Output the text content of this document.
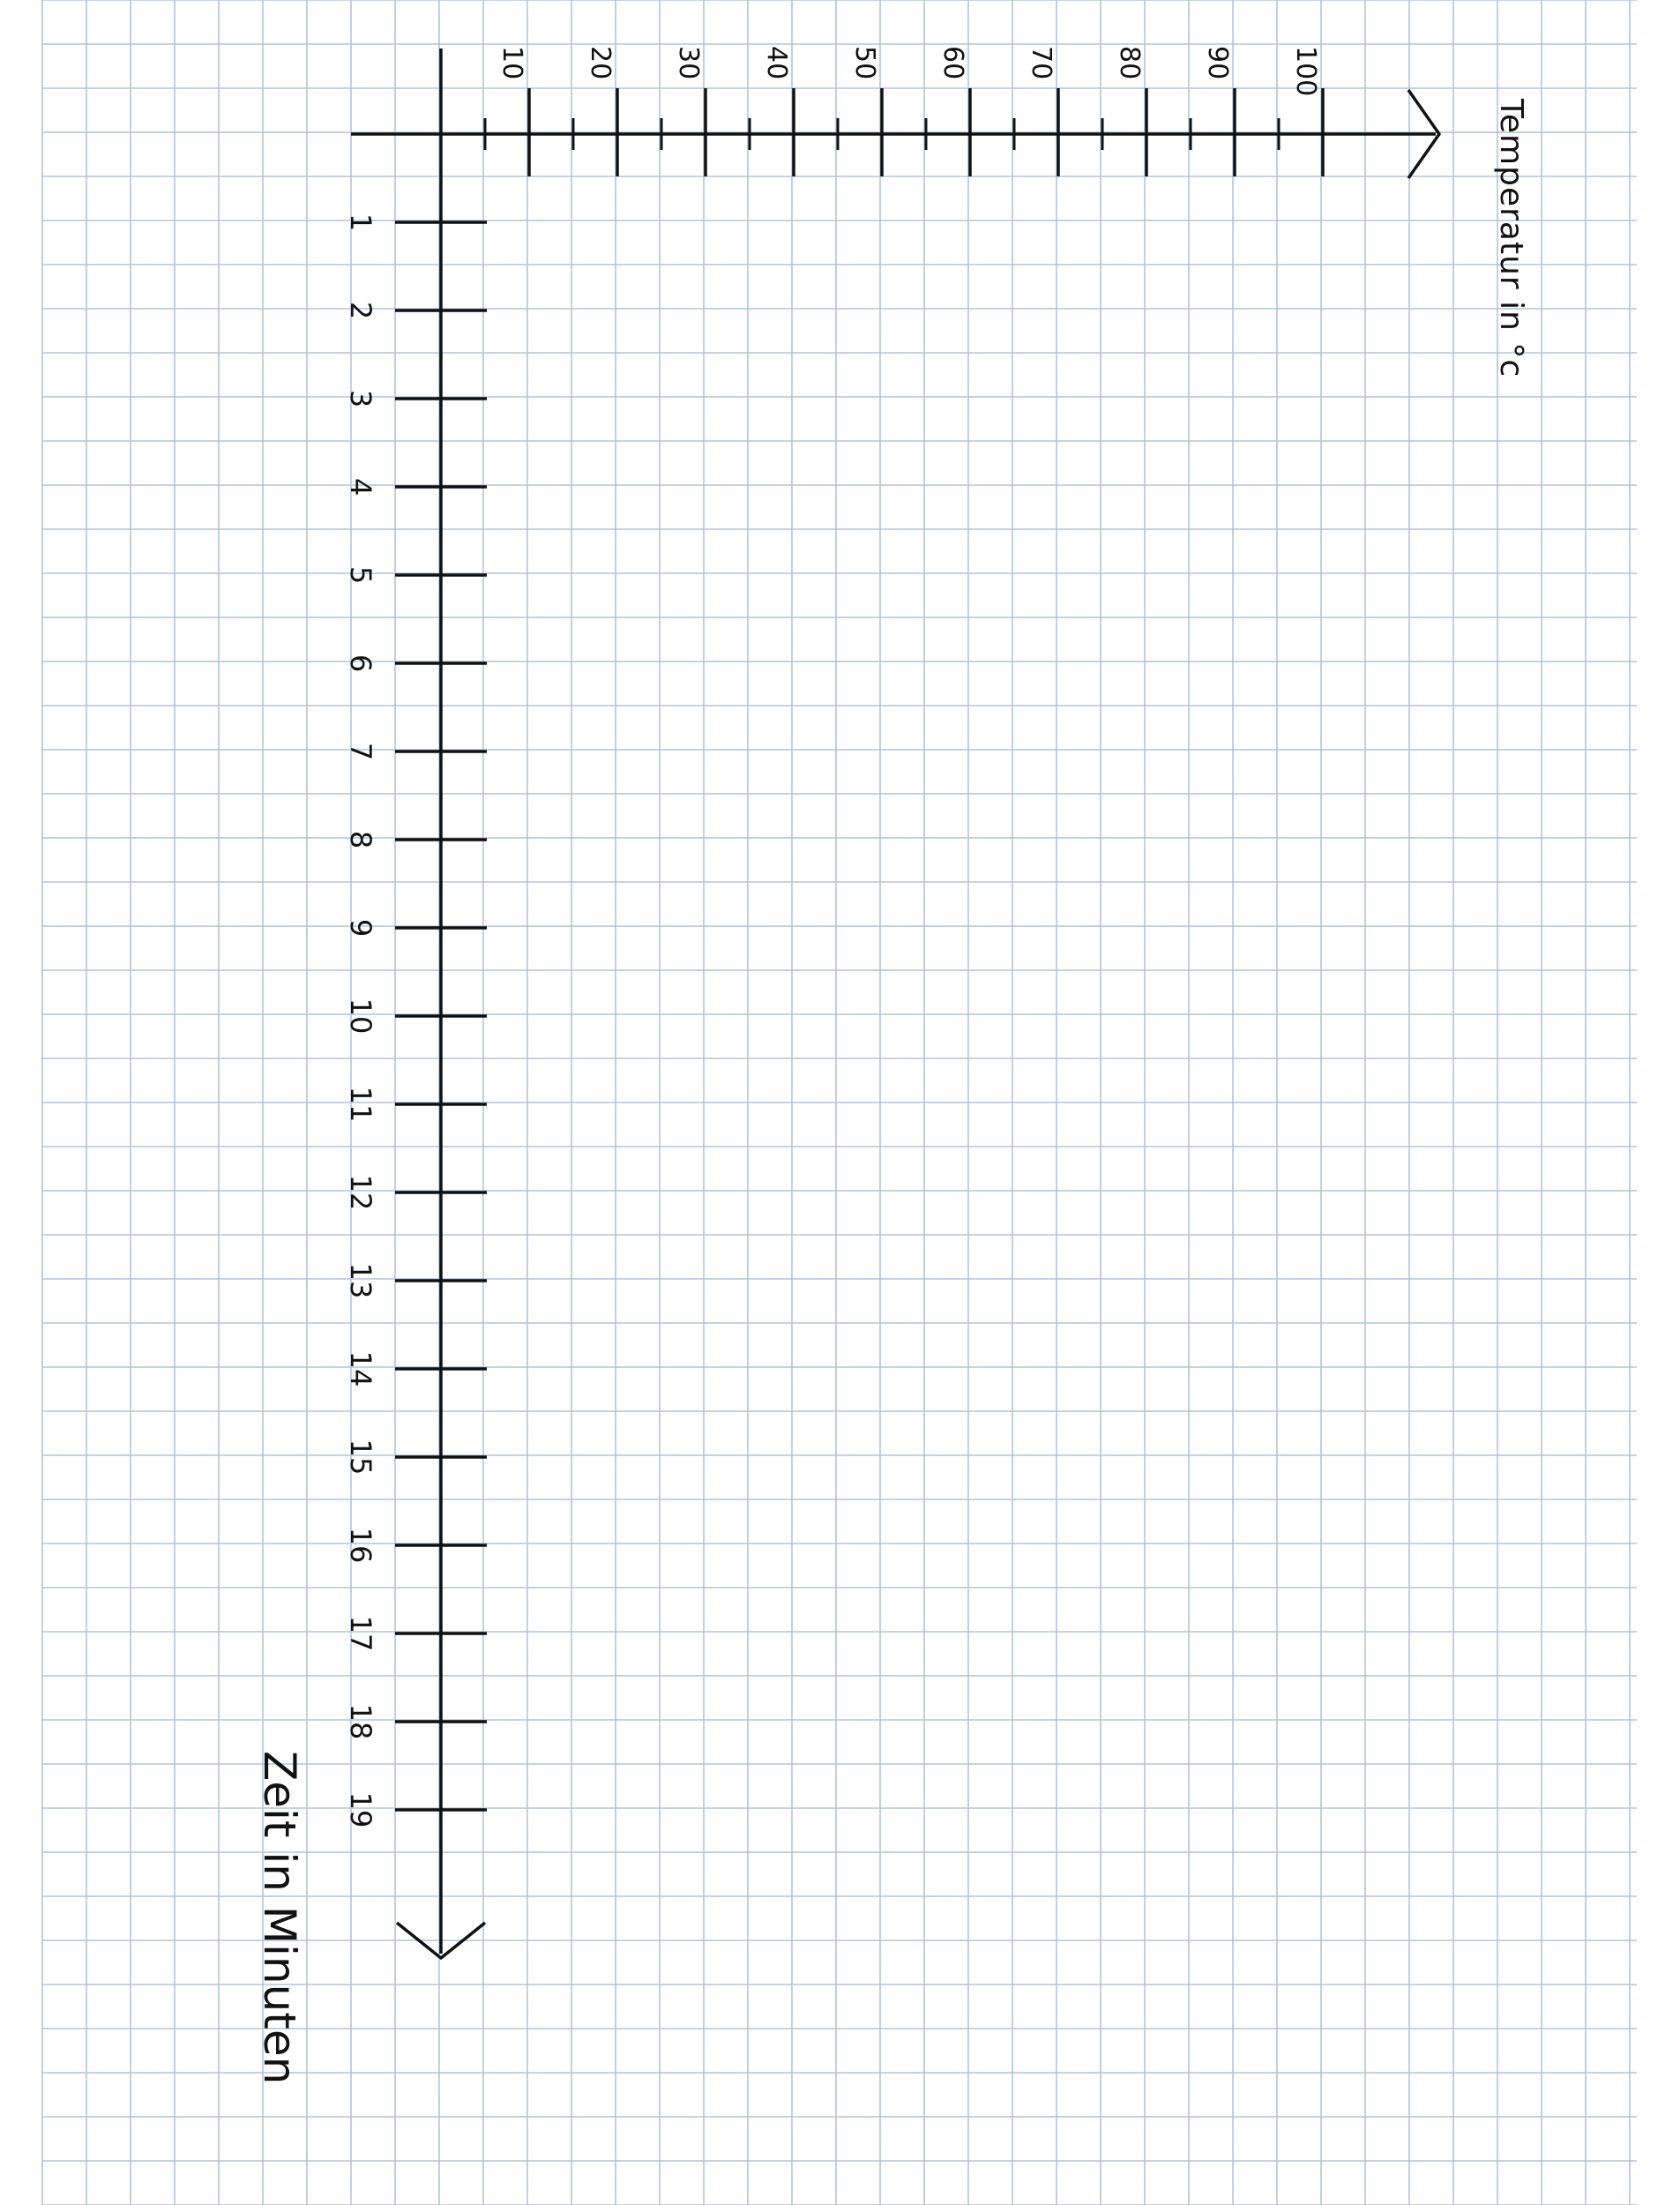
10 20 30 40 50 60 70 80 90 100
1
2
3
4
5
6
7
8
9
10
11
12
13
14
15
16
17
18
19
Temperatur in °c
Zeit in Minuten
